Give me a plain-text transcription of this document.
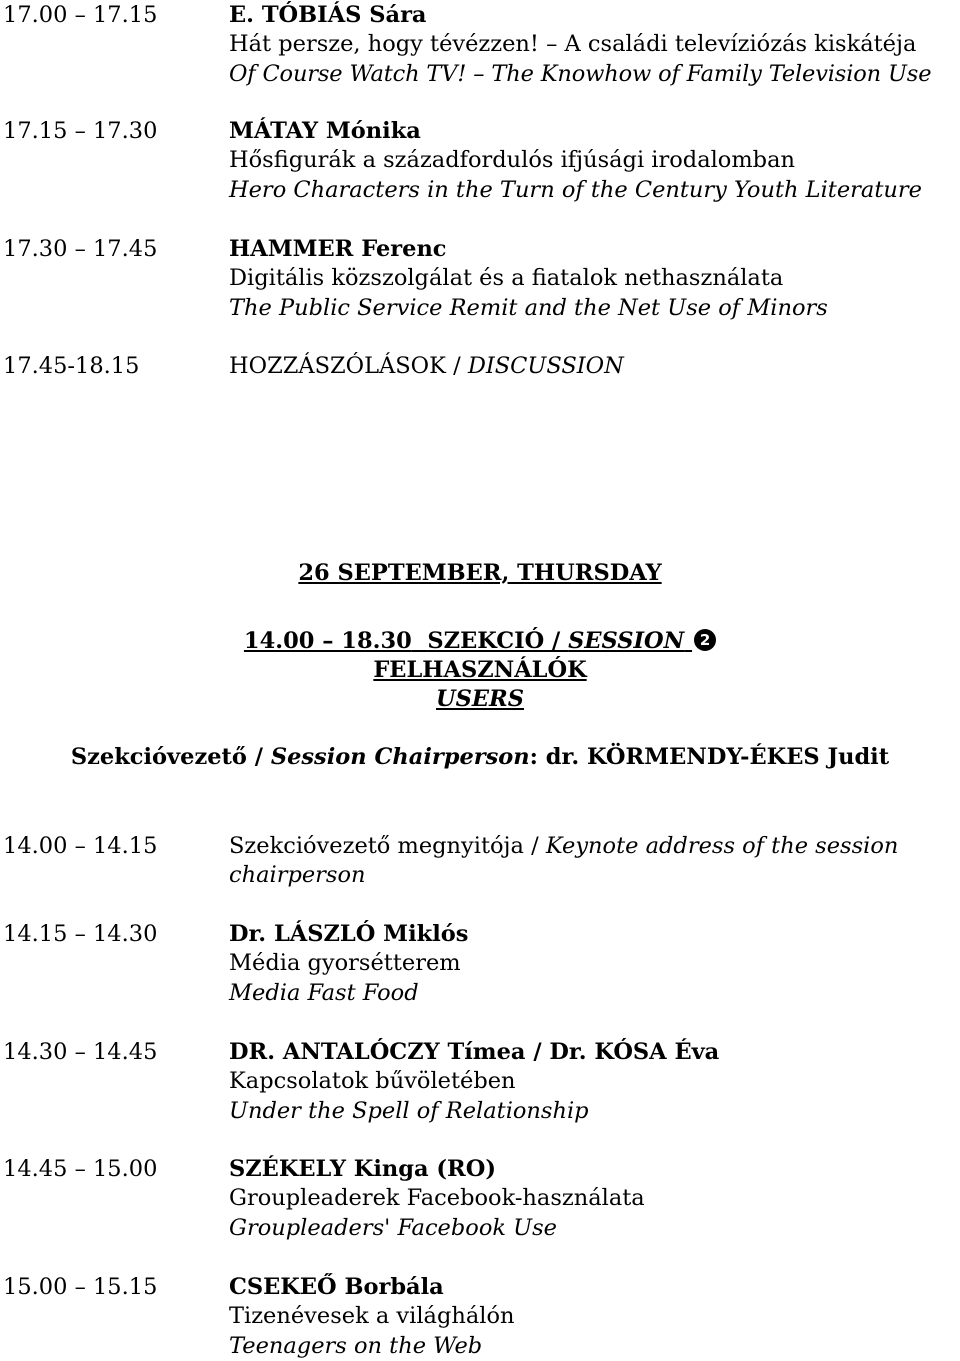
17.00 – 17.15	E. TÓBIÁS Sára
Hát persze, hogy tévézzen! – A családi televíziózás kiskátéja
Of Course Watch TV! – The Knowhow of Family Television Use
17.15 – 17.30	MÁTAY Mónika
Hősfigurák a századfordulós ifjúsági irodalomban
Hero Characters in the Turn of the Century Youth Literature
17.30 – 17.45	HAMMER Ferenc
Digitális közszolgálat és a fiatalok nethasználata
The Public Service Remit and the Net Use of Minors
17.45-18.15	HOZZÁSZÓLÁSOK / DISCUSSION
26 SEPTEMBER, THURSDAY
14.00 – 18.30 SZEKCIÓ / SESSION 2
FELHASZNÁLÓK
USERS
Szekcióvezető / Session Chairperson: dr. KÖRMENDY-ÉKES Judit
14.00 – 14.15	Szekcióvezető megnyitója / Keynote address of the session chairperson
14.15 – 14.30	Dr. LÁSZLÓ Miklós
Média gyorsétterem
Media Fast Food
14.30 – 14.45	DR. ANTALÓCZY Tímea / Dr. KÓSA Éva
Kapcsolatok bűvöletében
Under the Spell of Relationship
14.45 – 15.00	SZÉKELY Kinga (RO)
Groupleaderek Facebook-használata
Groupleaders' Facebook Use
15.00 – 15.15	CSEKEŐ Borbála
Tizenévesek a világhálón
Teenagers on the Web
